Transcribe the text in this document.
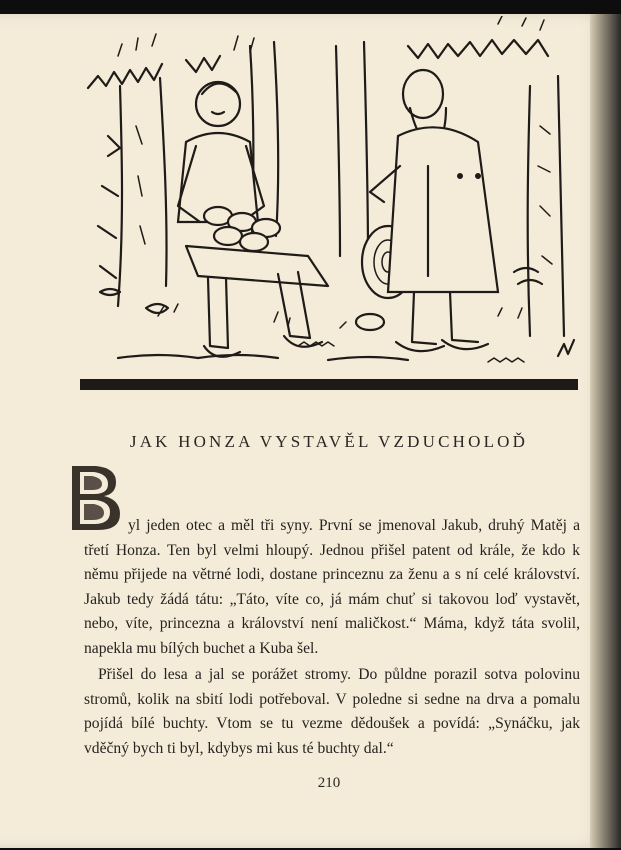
JAK HONZA VYSTAVĚL VZDUCHOLOĎ

yl jeden otec a měl tři syny. První se jmenoval Jakub, druhý Matěj a třetí Honza. Ten byl velmi hloupý. Jednou přišel patent od krále, že kdo k němu přijede na větrné lodi, dostane princeznu za ženu a s ní celé království. Jakub tedy žádá tátu: „Táto, víte co, já mám chuť si takovou loď vystavět, nebo, víte, princezna a království není maličkost.“ Máma, když táta svolil, napekla mu bílých buchet a Kuba šel.

Přišel do lesa a jal se porážet stromy. Do půldne porazil sotva polovinu stromů, kolik na sbití lodi potřeboval. V poledne si sedne na drva a pomalu pojídá bílé buchty. Vtom se tu vezme dědoušek a povídá: „Synáčku, jak vděčný bych ti byl, kdybys mi kus té buchty dal.“

210
